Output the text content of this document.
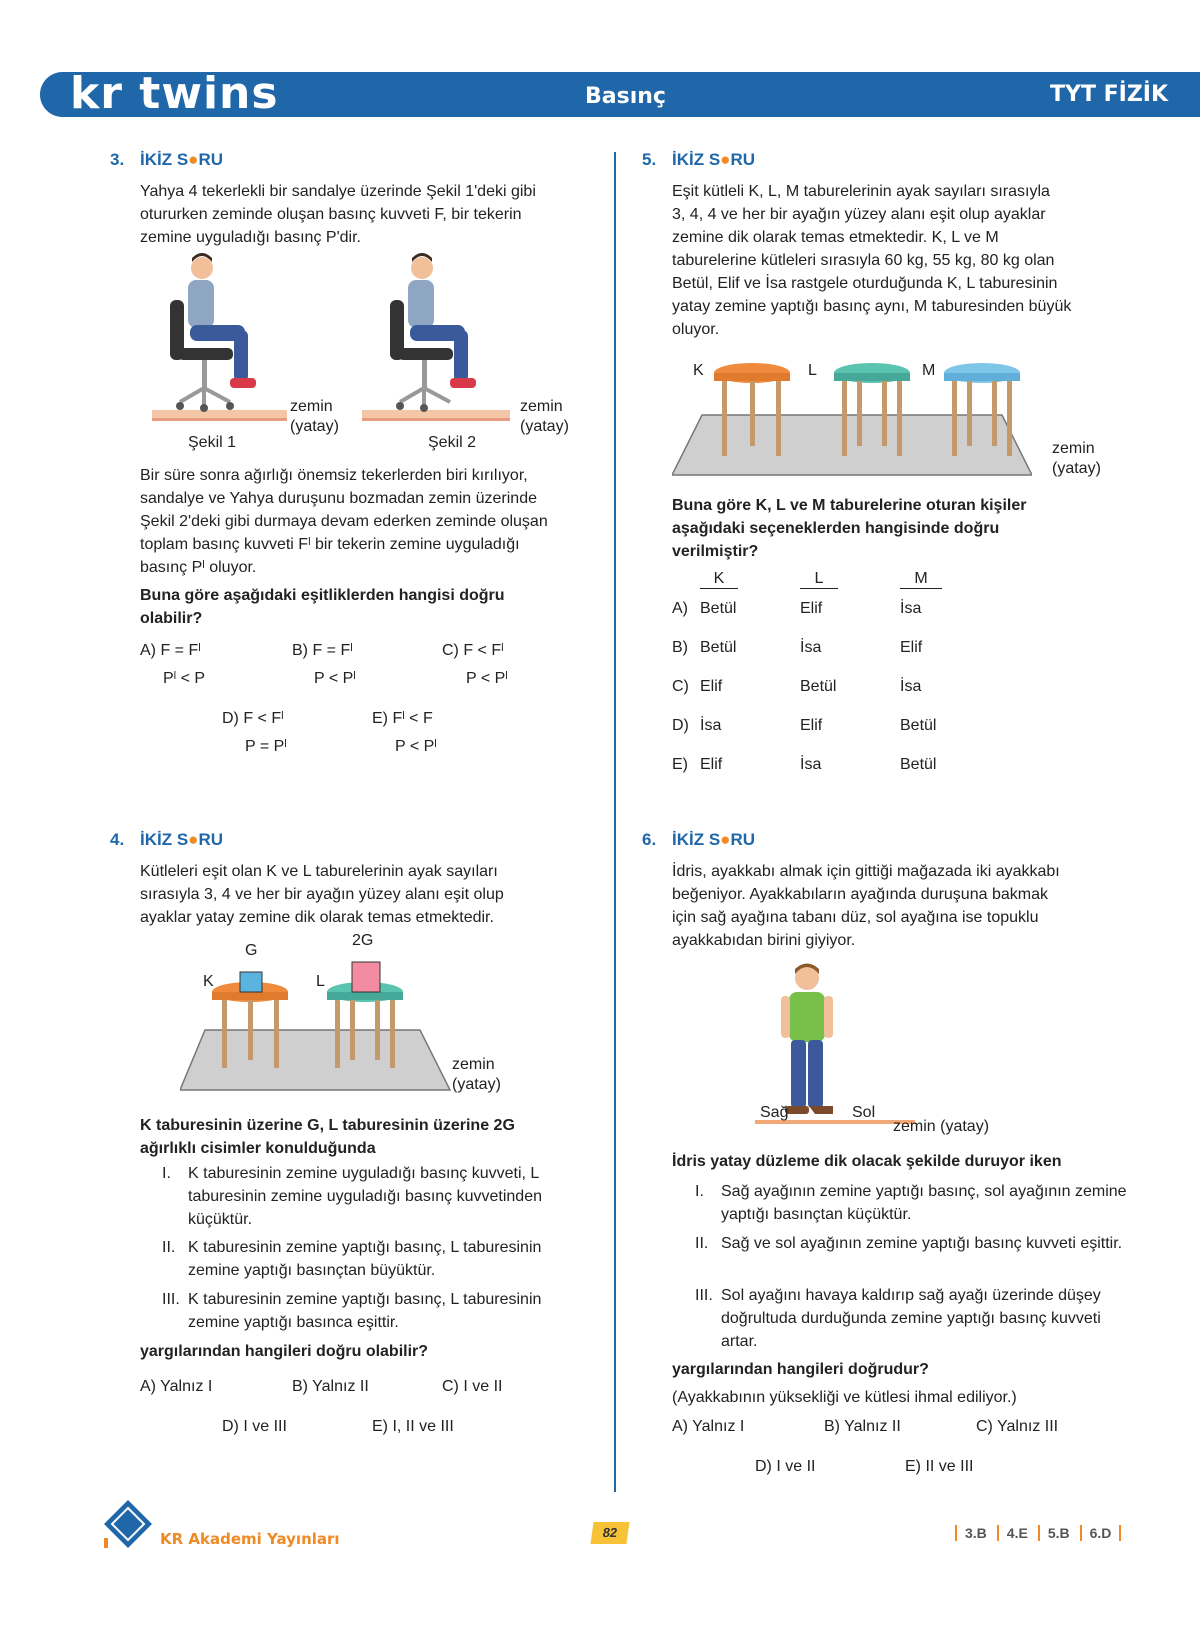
kr twins	Basınç	TYT FİZİK
3. İKİZ S●RU
Yahya 4 tekerlekli bir sandalye üzerinde Şekil 1'deki gibi
otururken zeminde oluşan basınç kuvveti F, bir tekerin
zemine uyguladığı basınç P'dir.
zemin
(yatay)
zemin
(yatay)
Şekil 1	Şekil 2
Bir süre sonra ağırlığı önemsiz tekerlerden biri kırılıyor,
sandalye ve Yahya duruşunu bozmadan zemin üzerinde
Şekil 2'deki gibi durmaya devam ederken zeminde oluşan
toplam basınç kuvveti Fˡ bir tekerin zemine uyguladığı
basınç Pˡ oluyor.
Buna göre aşağıdaki eşitliklerden hangisi doğru
olabilir?
A) F = Fˡ
Pˡ < P
B) F = Fˡ
P < Pˡ
C) F < Fˡ
P < Pˡ
D) F < Fˡ
P = Pˡ
E) Fˡ < F
P < Pˡ
4. İKİZ S●RU
Kütleleri eşit olan K ve L taburelerinin ayak sayıları
sırasıyla 3, 4 ve her bir ayağın yüzey alanı eşit olup
ayaklar yatay zemine dik olarak temas etmektedir.
G
2G
K	L
zemin
(yatay)
K taburesinin üzerine G, L taburesinin üzerine 2G
ağırlıklı cisimler konulduğunda
I. K taburesinin zemine uyguladığı basınç kuvveti, L taburesinin zemine uyguladığı basınç kuvvetinden küçüktür.
II. K taburesinin zemine yaptığı basınç, L taburesinin zemine yaptığı basınçtan büyüktür.
III. K taburesinin zemine yaptığı basınç, L taburesinin zemine yaptığı basınca eşittir.
yargılarından hangileri doğru olabilir?
A) Yalnız I	B) Yalnız II	C) I ve II
D) I ve III	E) I, II ve III
5. İKİZ S●RU
Eşit kütleli K, L, M taburelerinin ayak sayıları sırasıyla
3, 4, 4 ve her bir ayağın yüzey alanı eşit olup ayaklar
zemine dik olarak temas etmektedir. K, L ve M
taburelerine kütleleri sırasıyla 60 kg, 55 kg, 80 kg olan
Betül, Elif ve İsa rastgele oturduğunda K, L taburesinin
yatay zemine yaptığı basınç aynı, M taburesinden büyük
oluyor.
K	L	M
zemin
(yatay)
Buna göre K, L ve M taburelerine oturan kişiler
aşağıdaki seçeneklerden hangisinde doğru
verilmiştir?
K	L	M
A) Betül	Elif	İsa
B) Betül	İsa	Elif
C) Elif	Betül	İsa
D) İsa	Elif	Betül
E) Elif	İsa	Betül
6. İKİZ S●RU
İdris, ayakkabı almak için gittiği mağazada iki ayakkabı
beğeniyor. Ayakkabıların ayağında duruşuna bakmak
için sağ ayağına tabanı düz, sol ayağına ise topuklu
ayakkabıdan birini giyiyor.
Sağ	Sol
zemin (yatay)
İdris yatay düzleme dik olacak şekilde duruyor iken
I. Sağ ayağının zemine yaptığı basınç, sol ayağının zemine yaptığı basınçtan küçüktür.
II. Sağ ve sol ayağının zemine yaptığı basınç kuvveti eşittir.
III. Sol ayağını havaya kaldırıp sağ ayağı üzerinde düşey doğrultuda durduğunda zemine yaptığı basınç kuvveti artar.
yargılarından hangileri doğrudur?
(Ayakkabının yüksekliği ve kütlesi ihmal ediliyor.)
A) Yalnız I	B) Yalnız II	C) Yalnız III
D) I ve II	E) II ve III
KR Akademi Yayınları	82	3.B	4.E	5.B	6.D
